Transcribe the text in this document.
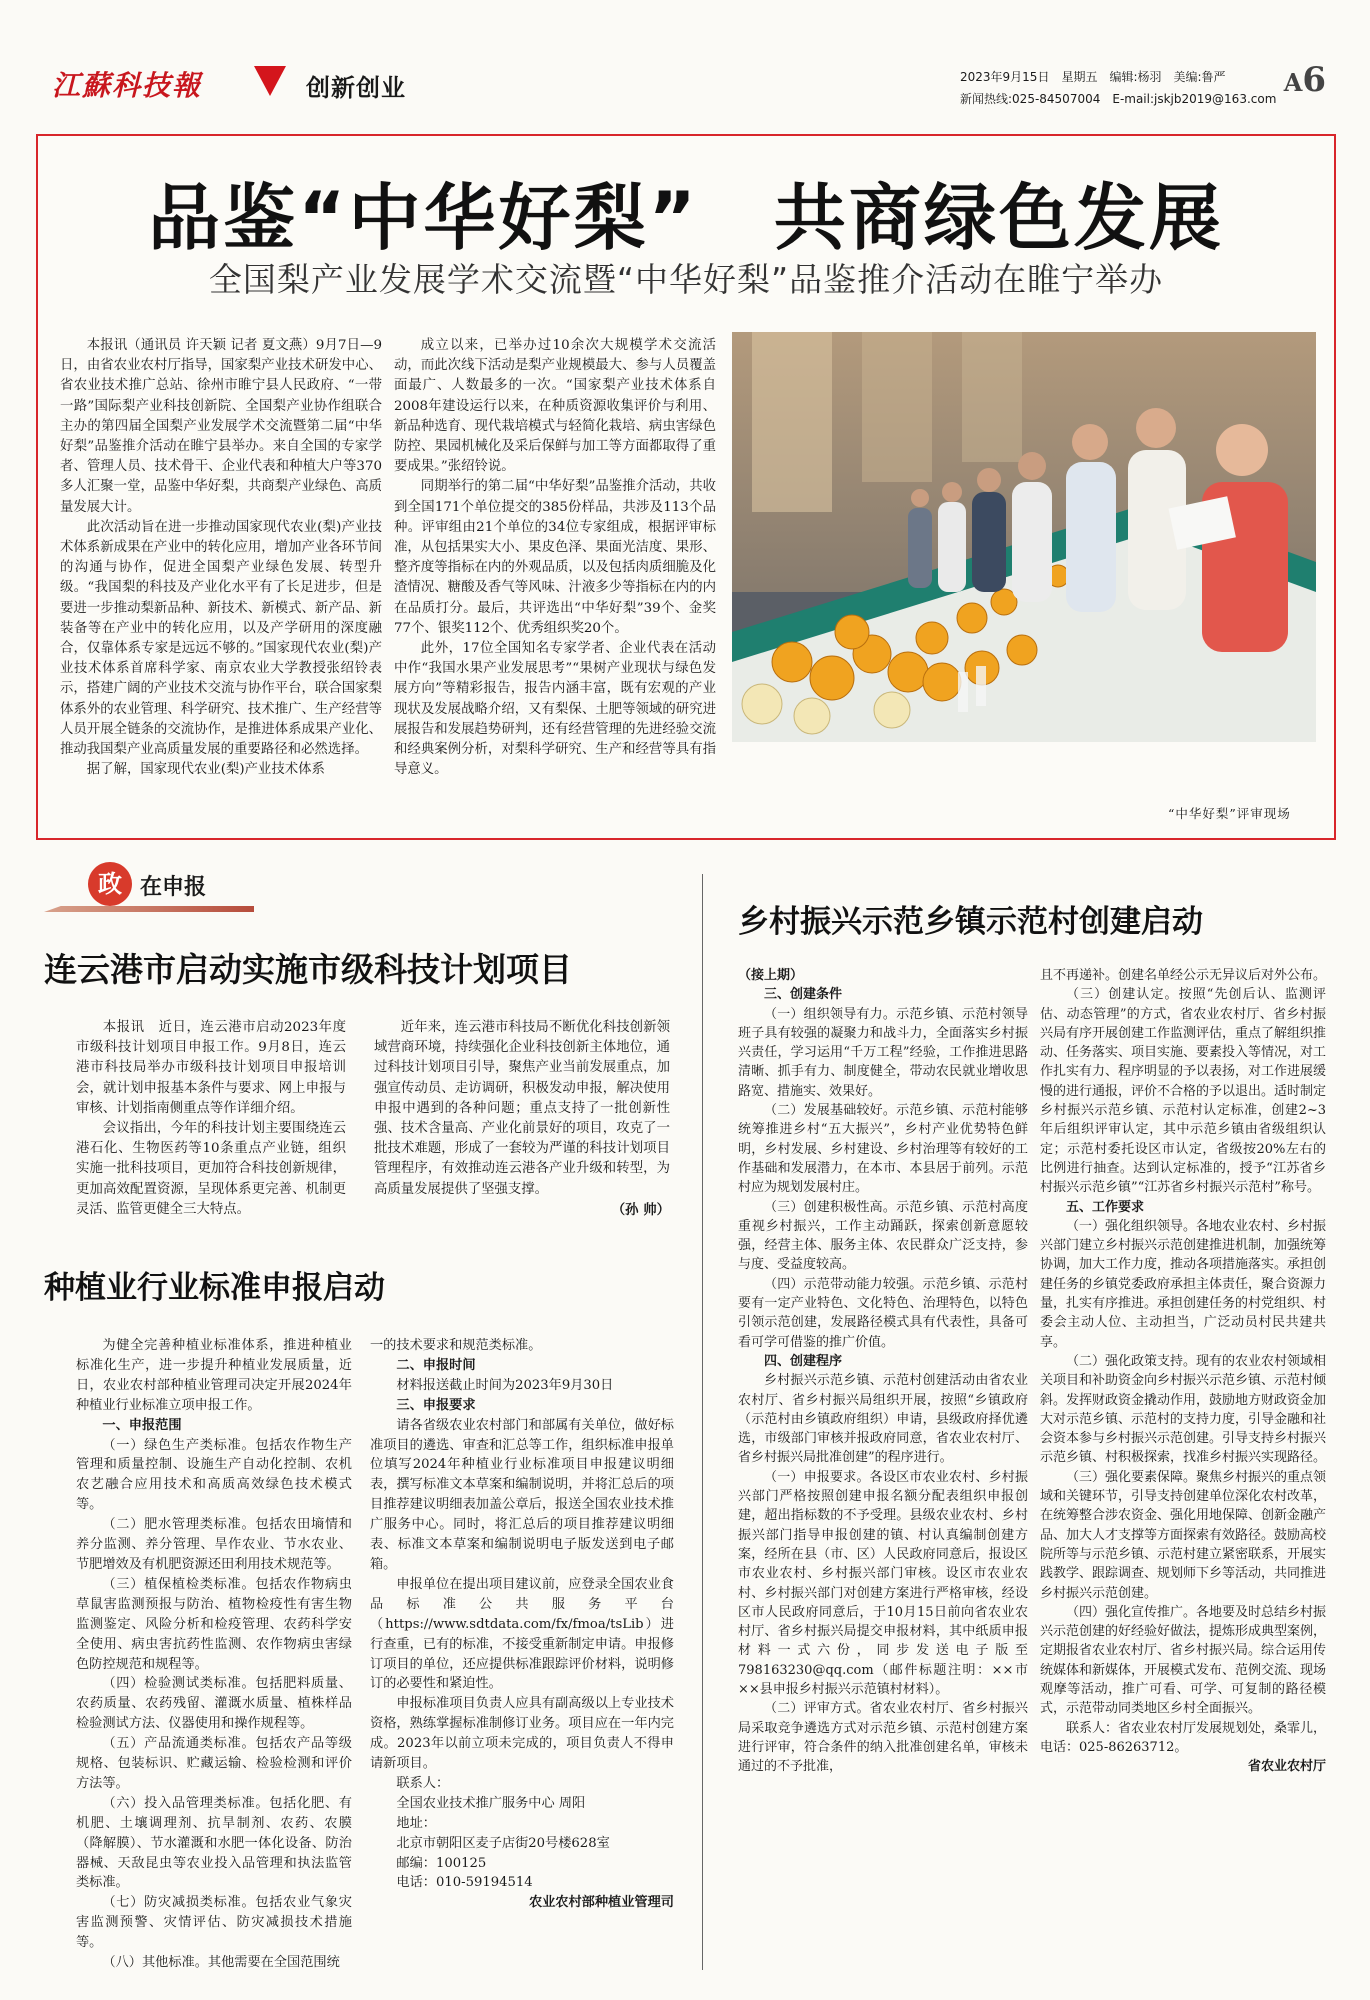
江蘇科技報	创新创业	2023年9月15日　星期五　编辑:杨羽　美编:鲁严
新闻热线:025-84507004　E-mail:jskjb2019@163.com
A6
品鉴“中华好梨”　共商绿色发展
全国梨产业发展学术交流暨“中华好梨”品鉴推介活动在睢宁举办

本报讯（通讯员 许天颖 记者 夏文燕）9月7日—9日，由省农业农村厅指导，国家梨产业技术研发中心、省农业技术推广总站、徐州市睢宁县人民政府、“一带一路”国际梨产业科技创新院、全国梨产业协作组联合主办的第四届全国梨产业发展学术交流暨第二届“中华好梨”品鉴推介活动在睢宁县举办。来自全国的专家学者、管理人员、技术骨干、企业代表和种植大户等370多人汇聚一堂，品鉴中华好梨，共商梨产业绿色、高质量发展大计。

此次活动旨在进一步推动国家现代农业(梨)产业技术体系新成果在产业中的转化应用，增加产业各环节间的沟通与协作，促进全国梨产业绿色发展、转型升级。“我国梨的科技及产业化水平有了长足进步，但是要进一步推动梨新品种、新技术、新模式、新产品、新装备等在产业中的转化应用，以及产学研用的深度融合，仅靠体系专家是远远不够的。”国家现代农业(梨)产业技术体系首席科学家、南京农业大学教授张绍铃表示，搭建广阔的产业技术交流与协作平台，联合国家梨体系外的农业管理、科学研究、技术推广、生产经营等人员开展全链条的交流协作，是推进体系成果产业化、推动我国梨产业高质量发展的重要路径和必然选择。

据了解，国家现代农业(梨)产业技术体系

成立以来，已举办过10余次大规模学术交流活动，而此次线下活动是梨产业规模最大、参与人员覆盖面最广、人数最多的一次。“国家梨产业技术体系自2008年建设运行以来，在种质资源收集评价与利用、新品种选育、现代栽培模式与轻简化栽培、病虫害绿色防控、果园机械化及采后保鲜与加工等方面都取得了重要成果。”张绍铃说。

同期举行的第二届“中华好梨”品鉴推介活动，共收到全国171个单位提交的385份样品，共涉及113个品种。评审组由21个单位的34位专家组成，根据评审标准，从包括果实大小、果皮色泽、果面光洁度、果形、整齐度等指标在内的外观品质，以及包括肉质细脆及化渣情况、糖酸及香气等风味、汁液多少等指标在内的内在品质打分。最后，共评选出“中华好梨”39个、金奖77个、银奖112个、优秀组织奖20个。

此外，17位全国知名专家学者、企业代表在活动中作“我国水果产业发展思考”“果树产业现状与绿色发展方向”等精彩报告，报告内涵丰富，既有宏观的产业现状及发展战略介绍，又有梨保、土肥等领域的研究进展报告和发展趋势研判，还有经营管理的先进经验交流和经典案例分析，对梨科学研究、生产和经营等具有指导意义。

“中华好梨”评审现场
政 在申报
连云港市启动实施市级科技计划项目

本报讯　近日，连云港市启动2023年度市级科技计划项目申报工作。9月8日，连云港市科技局举办市级科技计划项目申报培训会，就计划申报基本条件与要求、网上申报与审核、计划指南侧重点等作详细介绍。

会议指出，今年的科技计划主要围绕连云港石化、生物医药等10条重点产业链，组织实施一批科技项目，更加符合科技创新规律，更加高效配置资源，呈现体系更完善、机制更灵活、监管更健全三大特点。

近年来，连云港市科技局不断优化科技创新领域营商环境，持续强化企业科技创新主体地位，通过科技计划项目引导，聚焦产业当前发展重点，加强宣传动员、走访调研，积极发动申报，解决使用申报中遇到的各种问题；重点支持了一批创新性强、技术含量高、产业化前景好的项目，攻克了一批技术难题，形成了一套较为严谨的科技计划项目管理程序，有效推动连云港各产业升级和转型，为高质量发展提供了坚强支撑。

（孙 帅）

种植业行业标准申报启动

为健全完善种植业标准体系，推进种植业标准化生产，进一步提升种植业发展质量，近日，农业农村部种植业管理司决定开展2024年种植业行业标准立项申报工作。

一、申报范围

（一）绿色生产类标准。包括农作物生产管理和质量控制、设施生产自动化控制、农机农艺融合应用技术和高质高效绿色技术模式等。

（二）肥水管理类标准。包括农田墒情和养分监测、养分管理、旱作农业、节水农业、节肥增效及有机肥资源还田利用技术规范等。

（三）植保植检类标准。包括农作物病虫草鼠害监测预报与防治、植物检疫性有害生物监测鉴定、风险分析和检疫管理、农药科学安全使用、病虫害抗药性监测、农作物病虫害绿色防控规范和规程等。

（四）检验测试类标准。包括肥料质量、农药质量、农药残留、灌溉水质量、植株样品检验测试方法、仪器使用和操作规程等。

（五）产品流通类标准。包括农产品等级规格、包装标识、贮藏运输、检验检测和评价方法等。

（六）投入品管理类标准。包括化肥、有机肥、土壤调理剂、抗旱制剂、农药、农膜（降解膜）、节水灌溉和水肥一体化设备、防治器械、天敌昆虫等农业投入品管理和执法监管类标准。

（七）防灾减损类标准。包括农业气象灾害监测预警、灾情评估、防灾减损技术措施等。

（八）其他标准。其他需要在全国范围统

一的技术要求和规范类标准。

二、申报时间

材料报送截止时间为2023年9月30日

三、申报要求

请各省级农业农村部门和部属有关单位，做好标准项目的遴选、审查和汇总等工作，组织标准申报单位填写2024年种植业行业标准项目申报建议明细表，撰写标准文本草案和编制说明，并将汇总后的项目推荐建议明细表加盖公章后，报送全国农业技术推广服务中心。同时，将汇总后的项目推荐建议明细表、标准文本草案和编制说明电子版发送到电子邮箱。

申报单位在提出项目建议前，应登录全国农业食品标准公共服务平台（https://www.sdtdata.com/fx/fmoa/tsLib）进行查重，已有的标准，不接受重新制定申请。申报修订项目的单位，还应提供标准跟踪评价材料，说明修订的必要性和紧迫性。

申报标准项目负责人应具有副高级以上专业技术资格，熟练掌握标准制修订业务。项目应在一年内完成。2023年以前立项未完成的，项目负责人不得申请新项目。

联系人：

全国农业技术推广服务中心 周阳

地址：

北京市朝阳区麦子店街20号楼628室

邮编：100125

电话：010-59194514

农业农村部种植业管理司

乡村振兴示范乡镇示范村创建启动

（接上期）

三、创建条件

（一）组织领导有力。示范乡镇、示范村领导班子具有较强的凝聚力和战斗力，全面落实乡村振兴责任，学习运用“千万工程”经验，工作推进思路清晰、抓手有力、制度健全，带动农民就业增收思路宽、措施实、效果好。

（二）发展基础较好。示范乡镇、示范村能够统筹推进乡村“五大振兴”，乡村产业优势特色鲜明，乡村发展、乡村建设、乡村治理等有较好的工作基础和发展潜力，在本市、本县居于前列。示范村应为规划发展村庄。

（三）创建积极性高。示范乡镇、示范村高度重视乡村振兴，工作主动踊跃，探索创新意愿较强，经营主体、服务主体、农民群众广泛支持，参与度、受益度较高。

（四）示范带动能力较强。示范乡镇、示范村要有一定产业特色、文化特色、治理特色，以特色引领示范创建，发展路径模式具有代表性，具备可看可学可借鉴的推广价值。

四、创建程序

乡村振兴示范乡镇、示范村创建活动由省农业农村厅、省乡村振兴局组织开展，按照“乡镇政府（示范村由乡镇政府组织）申请，县级政府择优遴选，市级部门审核并报政府同意，省农业农村厅、省乡村振兴局批准创建”的程序进行。

（一）申报要求。各设区市农业农村、乡村振兴部门严格按照创建申报名额分配表组织申报创建，超出指标数的不予受理。县级农业农村、乡村振兴部门指导申报创建的镇、村认真编制创建方案，经所在县（市、区）人民政府同意后，报设区市农业农村、乡村振兴部门审核。设区市农业农村、乡村振兴部门对创建方案进行严格审核，经设区市人民政府同意后，于10月15日前向省农业农村厅、省乡村振兴局提交申报材料，其中纸质申报材料一式六份，同步发送电子版至798163230@qq.com（邮件标题注明：××市××县申报乡村振兴示范镇村材料）。

（二）评审方式。省农业农村厅、省乡村振兴局采取竞争遴选方式对示范乡镇、示范村创建方案进行评审，符合条件的纳入批准创建名单，审核未通过的不予批准，

且不再递补。创建名单经公示无异议后对外公布。

（三）创建认定。按照“先创后认、监测评估、动态管理”的方式，省农业农村厅、省乡村振兴局有序开展创建工作监测评估，重点了解组织推动、任务落实、项目实施、要素投入等情况，对工作扎实有力、程序明显的予以表扬，对工作进展缓慢的进行通报，评价不合格的予以退出。适时制定乡村振兴示范乡镇、示范村认定标准，创建2~3年后组织评审认定，其中示范乡镇由省级组织认定；示范村委托设区市认定，省级按20%左右的比例进行抽查。达到认定标准的，授予“江苏省乡村振兴示范乡镇”“江苏省乡村振兴示范村”称号。

五、工作要求

（一）强化组织领导。各地农业农村、乡村振兴部门建立乡村振兴示范创建推进机制，加强统筹协调，加大工作力度，推动各项措施落实。承担创建任务的乡镇党委政府承担主体责任，聚合资源力量，扎实有序推进。承担创建任务的村党组织、村委会主动人位、主动担当，广泛动员村民共建共享。

（二）强化政策支持。现有的农业农村领域相关项目和补助资金向乡村振兴示范乡镇、示范村倾斜。发挥财政资金撬动作用，鼓励地方财政资金加大对示范乡镇、示范村的支持力度，引导金融和社会资本参与乡村振兴示范创建。引导支持乡村振兴示范乡镇、村积极探索，找准乡村振兴实现路径。

（三）强化要素保障。聚焦乡村振兴的重点领域和关键环节，引导支持创建单位深化农村改革，在统筹整合涉农资金、强化用地保障、创新金融产品、加大人才支撑等方面探索有效路径。鼓励高校院所等与示范乡镇、示范村建立紧密联系，开展实践教学、跟踪调查、规划师下乡等活动，共同推进乡村振兴示范创建。

（四）强化宣传推广。各地要及时总结乡村振兴示范创建的好经验好做法，提炼形成典型案例，定期报省农业农村厅、省乡村振兴局。综合运用传统媒体和新媒体，开展模式发布、范例交流、现场观摩等活动，推广可看、可学、可复制的路径模式，示范带动同类地区乡村全面振兴。

联系人：省农业农村厅发展规划处，桑霏儿，电话：025-86263712。

省农业农村厅
